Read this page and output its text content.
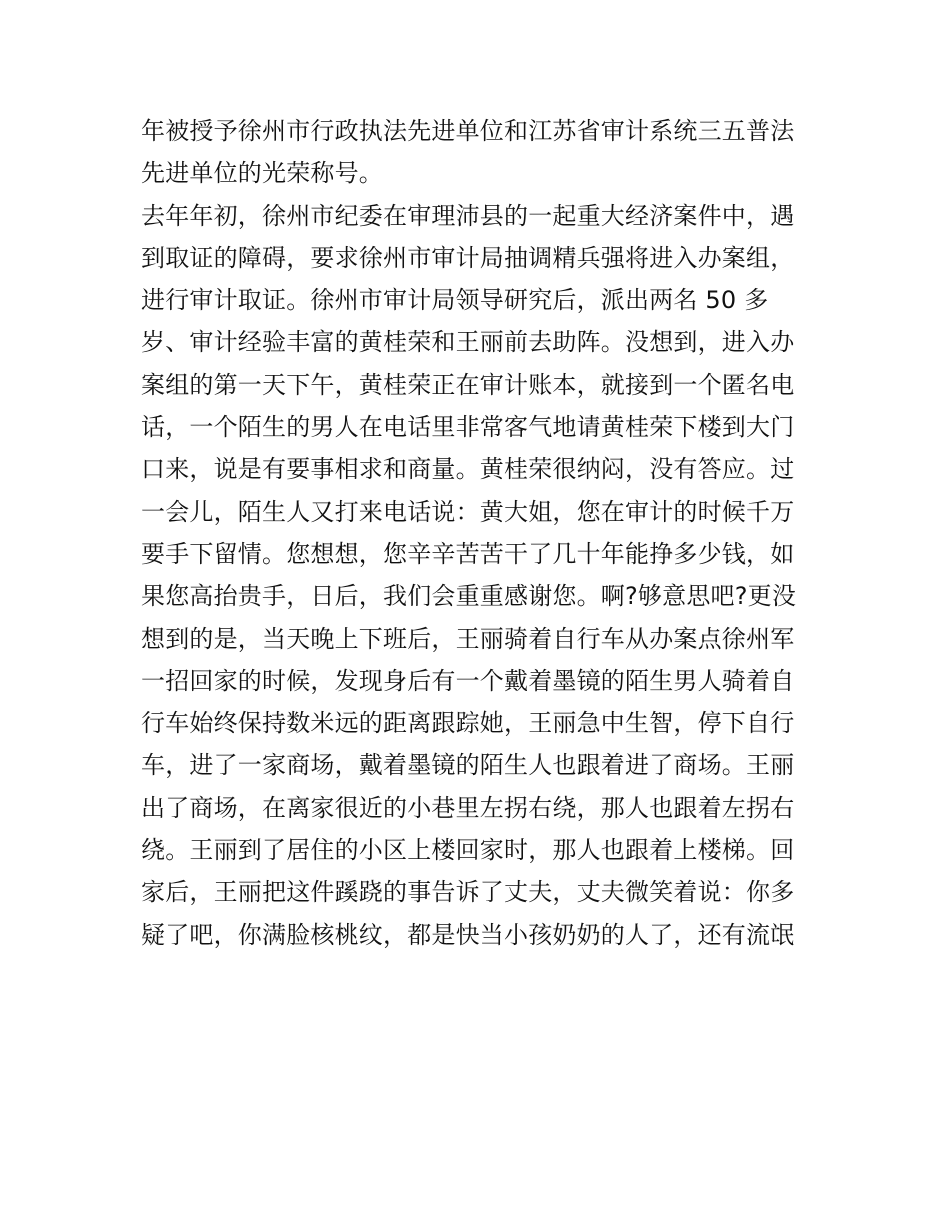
年被授予徐州市行政执法先进单位和江苏省审计系统三五普法
先进单位的光荣称号。
去年年初，徐州市纪委在审理沛县的一起重大经济案件中，遇
到取证的障碍，要求徐州市审计局抽调精兵强将进入办案组，
进行审计取证。徐州市审计局领导研究后，派出两名 50 多
岁、审计经验丰富的黄桂荣和王丽前去助阵。没想到，进入办
案组的第一天下午，黄桂荣正在审计账本，就接到一个匿名电
话，一个陌生的男人在电话里非常客气地请黄桂荣下楼到大门
口来，说是有要事相求和商量。黄桂荣很纳闷，没有答应。过
一会儿，陌生人又打来电话说：黄大姐，您在审计的时候千万
要手下留情。您想想，您辛辛苦苦干了几十年能挣多少钱，如
果您高抬贵手，日后，我们会重重感谢您。啊?够意思吧?更没
想到的是，当天晚上下班后，王丽骑着自行车从办案点徐州军
一招回家的时候，发现身后有一个戴着墨镜的陌生男人骑着自
行车始终保持数米远的距离跟踪她，王丽急中生智，停下自行
车，进了一家商场，戴着墨镜的陌生人也跟着进了商场。王丽
出了商场，在离家很近的小巷里左拐右绕，那人也跟着左拐右
绕。王丽到了居住的小区上楼回家时，那人也跟着上楼梯。回
家后，王丽把这件蹊跷的事告诉了丈夫，丈夫微笑着说：你多
疑了吧，你满脸核桃纹，都是快当小孩奶奶的人了，还有流氓
